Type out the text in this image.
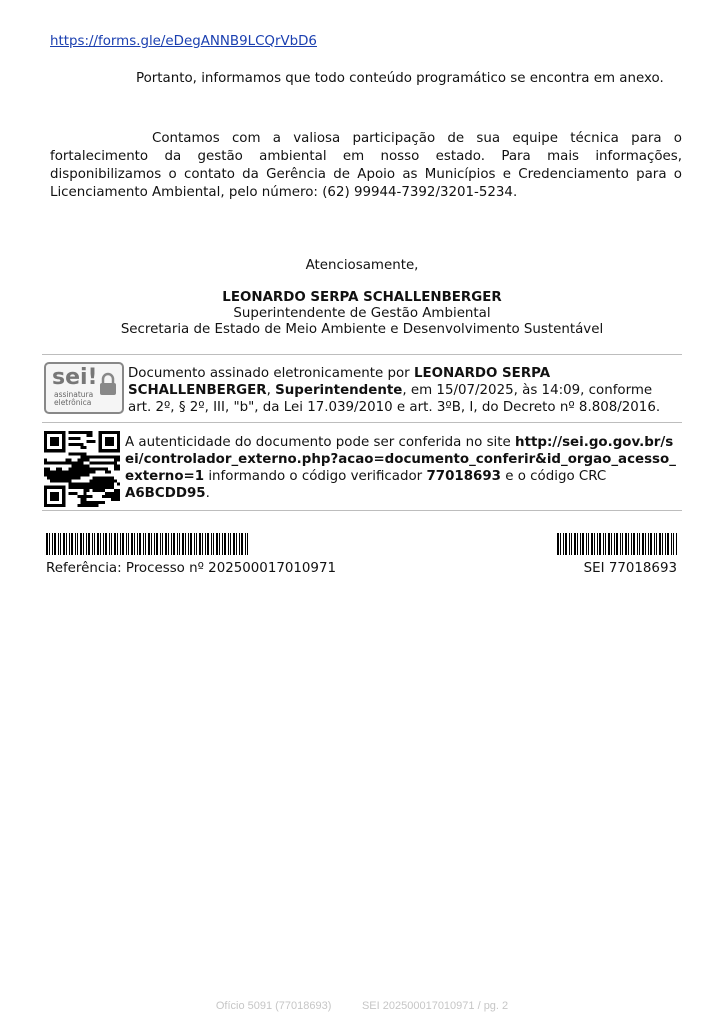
https://forms.gle/eDegANNB9LCQrVbD6
Portanto, informamos que todo conteúdo programático se encontra em anexo.
Contamos com a valiosa participação de sua equipe técnica para o fortalecimento da gestão ambiental em nosso estado. Para mais informações, disponibilizamos o contato da Gerência de Apoio as Municípios e Credenciamento para o Licenciamento Ambiental, pelo número: (62) 99944-7392/3201-5234.
Atenciosamente,
LEONARDO SERPA SCHALLENBERGER
Superintendente de Gestão Ambiental
Secretaria de Estado de Meio Ambiente e Desenvolvimento Sustentável
sei!
assinatura
eletrônica
Documento assinado eletronicamente por LEONARDO SERPA SCHALLENBERGER, Superintendente, em 15/07/2025, às 14:09, conforme art. 2º, § 2º, III, "b", da Lei 17.039/2010 e art. 3ºB, I, do Decreto nº 8.808/2016.
A autenticidade do documento pode ser conferida no site http://sei.go.gov.br/sei/controlador_externo.php?acao=documento_conferir&id_orgao_acesso_externo=1 informando o código verificador 77018693 e o código CRC A6BCDD95.
Referência: Processo nº 202500017010971	SEI 77018693
Ofício 5091 (77018693)          SEI 202500017010971 / pg. 2
